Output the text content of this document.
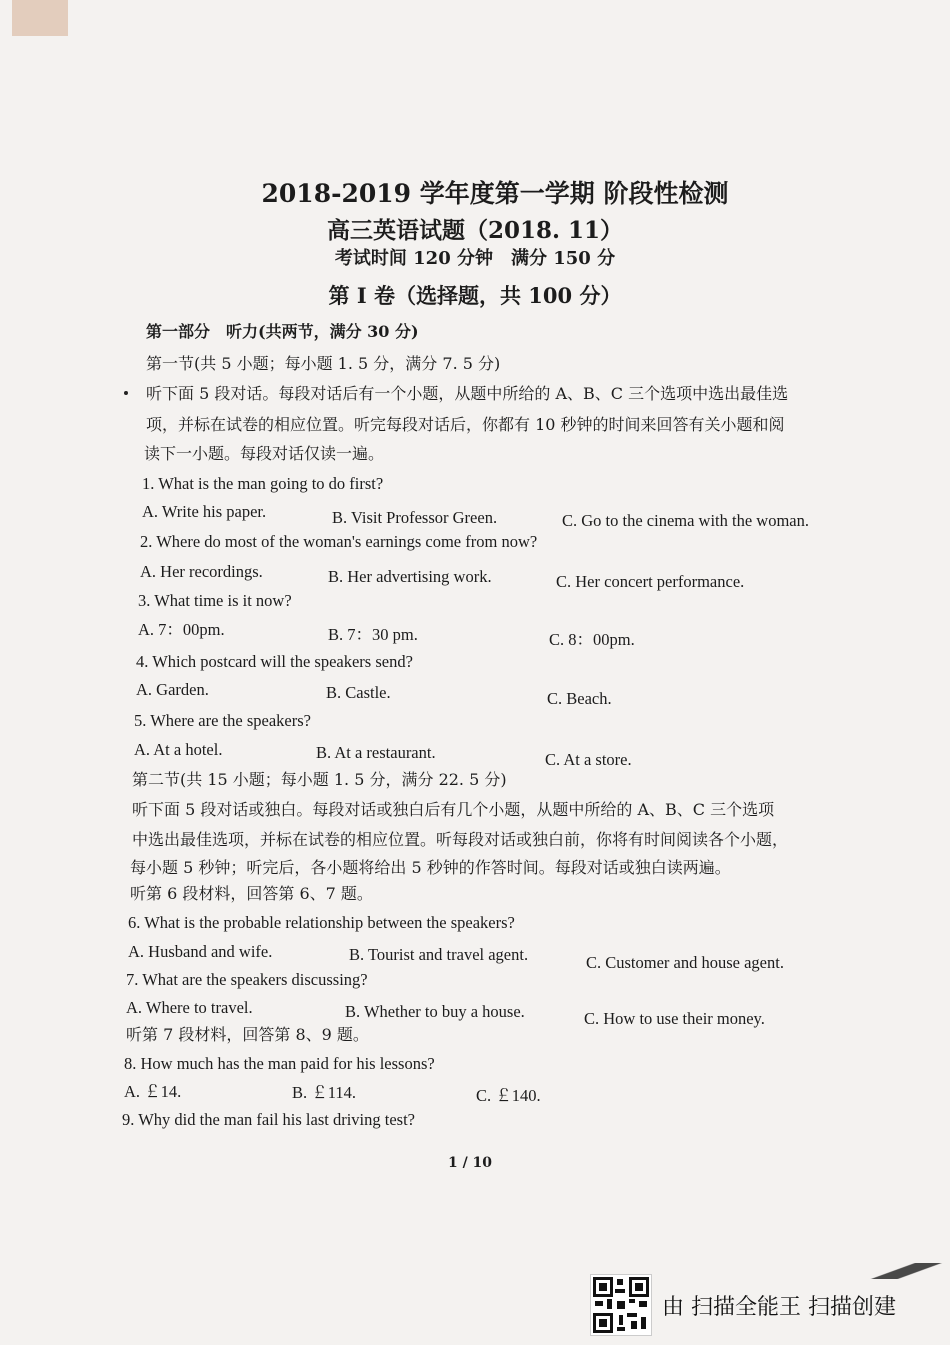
2018-2019 学年度第一学期 阶段性检测
高三英语试题（2018. 11）
考试时间 120 分钟　满分 150 分
第 I 卷（选择题，共 100 分）
第一部分　听力(共两节，满分 30 分)
第一节(共 5 小题；每小题 1. 5 分，满分 7. 5 分)
听下面 5 段对话。每段对话后有一个小题，从题中所给的 A、B、C 三个选项中选出最佳选
项，并标在试卷的相应位置。听完每段对话后，你都有 10 秒钟的时间来回答有关小题和阅
读下一小题。每段对话仅读一遍。
1. What is the man going to do first?
A. Write his paper.	B. Visit Professor Green.	C. Go to the cinema with the woman.
2. Where do most of the woman's earnings come from now?
A. Her recordings.	B. Her advertising work.	C. Her concert performance.
3. What time is it now?
A. 7：00pm.	B. 7：30 pm.	C. 8：00pm.
4. Which postcard will the speakers send?
A. Garden.	B. Castle.	C. Beach.
5. Where are the speakers?
A. At a hotel.	B. At a restaurant.	C. At a store.
第二节(共 15 小题；每小题 1. 5 分，满分 22. 5 分)
听下面 5 段对话或独白。每段对话或独白后有几个小题，从题中所给的 A、B、C 三个选项
中选出最佳选项，并标在试卷的相应位置。听每段对话或独白前，你将有时间阅读各个小题，
每小题 5 秒钟；听完后，各小题将给出 5 秒钟的作答时间。每段对话或独白读两遍。
听第 6 段材料，回答第 6、7 题。
6. What is the probable relationship between the speakers?
A. Husband and wife.	B. Tourist and travel agent.	C. Customer and house agent.
7. What are the speakers discussing?
A. Where to travel.	B. Whether to buy a house.	C. How to use their money.
听第 7 段材料，回答第 8、9 题。
8. How much has the man paid for his lessons?
A. ￡14.	B. ￡114.	C. ￡140.
9. Why did the man fail his last driving test?
1 / 10
由 扫描全能王 扫描创建
